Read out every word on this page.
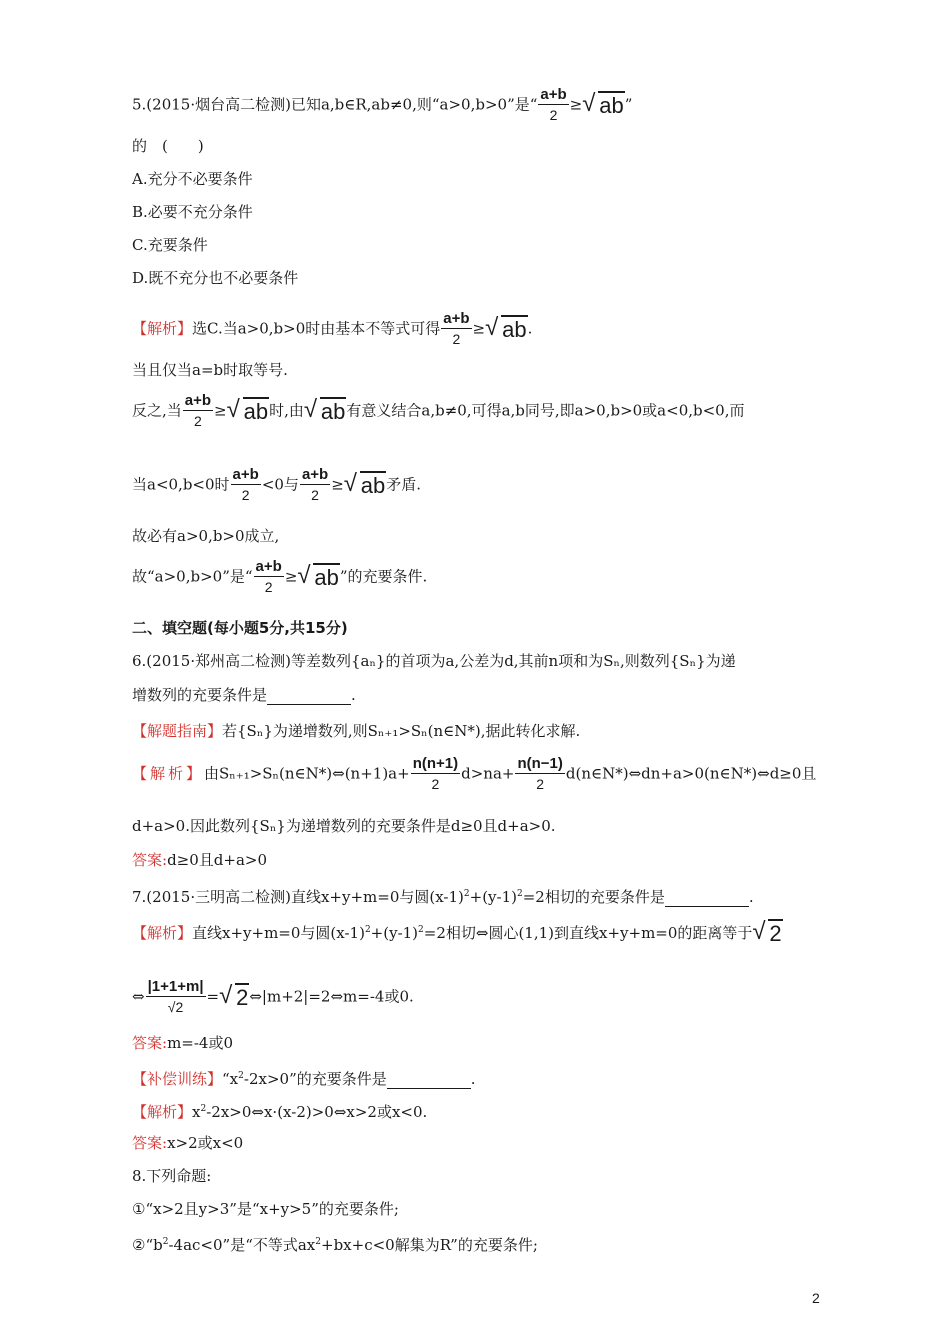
5.(2015·烟台高二检测)已知a,b∈R,ab≠0,则“a>0,b>0”是“ $\frac{a+b}{2}$ ≥ √ ab”
的　(　　)
A.充分不必要条件
B.必要不充分条件
C.充要条件
D.既不充分也不必要条件
【解析】选C.当a>0,b>0时由基本不等式可得 $\frac{a+b}{2}$ ≥ √ ab.
当且仅当a=b时取等号.
反之,当 $\frac{a+b}{2}$ ≥ √ ab时,由 √ ab有意义结合a,b≠0,可得a,b同号,即a>0,b>0或a<0,b<0,而
当a<0,b<0时 $\frac{a+b}{2} <0$与 $\frac{a+b}{2}$ ≥ √ ab矛盾.
故必有a>0,b>0成立,
故“a>0,b>0”是“ $\frac{a+b}{2}$ ≥ √ ab”的充要条件.
二、填空题(每小题5分,共15分)
6.(2015·郑州高二检测)等差数列{aₙ}的首项为a,公差为d,其前n项和为Sₙ,则数列{Sₙ}为递
增数列的充要条件是	.
【解题指南】若{Sₙ}为递增数列,则Sₙ₊₁>Sₙ(n∈N*),据此转化求解.
【解析】由Sₙ₊₁>Sₙ(n∈N*)⇔(n+1)a+ $\frac{n(n+1)}{2} d>na+ \frac{n(n-1)}{2}$ d(n∈N*)⇔dn+a>0(n∈N*)⇔d≥0且
d+a>0.因此数列{Sₙ}为递增数列的充要条件是d≥0且d+a>0.
答案:d≥0且d+a>0
7.(2015·三明高二检测)直线x+y+m=0与圆$(x-1)^2+(y-1)^2=2$相切的充要条件是	.
【解析】直线x+y+m=0与圆$(x-1)^2+(y-1)^2=2$相切⇔圆心(1,1)到直线x+y+m=0的距离等于 √ 2
⇔ $\frac{|1+1+m|}{√2}$ = √ 2⇔|m+2|=2⇔m=-4或0.
答案:m=-4或0
【补偿训练】“$x^2-2x>0$”的充要条件是	.
【解析】$x^2-2x>0\Leftrightarrow x\cdot(x-2)>0\Leftrightarrow x>2$或x<0.
答案:x>2或x<0
8.下列命题:
①“x>2且y>3”是“x+y>5”的充要条件;
$②“b^2-4ac<0$”是“不等式$ax^2+bx+c<0$解集为R”的充要条件;
2
